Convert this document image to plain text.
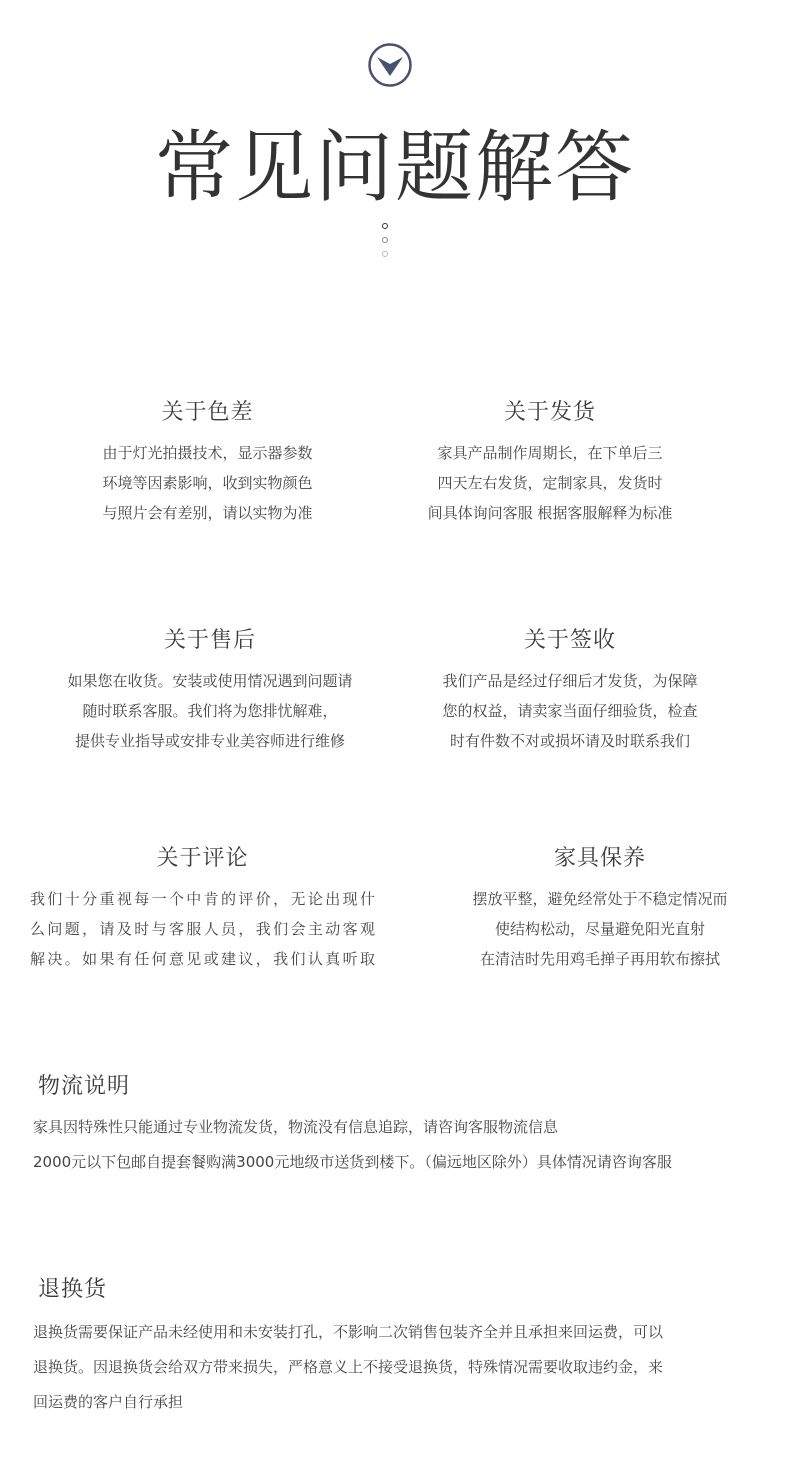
常见问题解答
关于色差
由于灯光拍摄技术，显示器参数
环境等因素影响，收到实物颜色
与照片会有差别，请以实物为准
关于发货
家具产品制作周期长，在下单后三
四天左右发货，定制家具，发货时
间具体询问客服 根据客服解释为标准
关于售后
如果您在收货。安装或使用情况遇到问题请
随时联系客服。我们将为您排忧解难，
提供专业指导或安排专业美容师进行维修
关于签收
我们产品是经过仔细后才发货，为保障
您的权益，请卖家当面仔细验货，检查
时有件数不对或损坏请及时联系我们
关于评论
我们十分重视每一个中肯的评价，无论出现什
么问题，请及时与客服人员，我们会主动客观
解决。如果有任何意见或建议，我们认真听取
家具保养
摆放平整，避免经常处于不稳定情况而
使结构松动，尽量避免阳光直射
在清洁时先用鸡毛掸子再用软布擦拭
物流说明
家具因特殊性只能通过专业物流发货，物流没有信息追踪，请咨询客服物流信息
2000元以下包邮自提套餐购满3000元地级市送货到楼下。（偏远地区除外）具体情况请咨询客服
退换货
退换货需要保证产品未经使用和未安装打孔，不影响二次销售包装齐全并且承担来回运费，可以
退换货。因退换货会给双方带来损失，严格意义上不接受退换货，特殊情况需要收取违约金，来
回运费的客户自行承担
